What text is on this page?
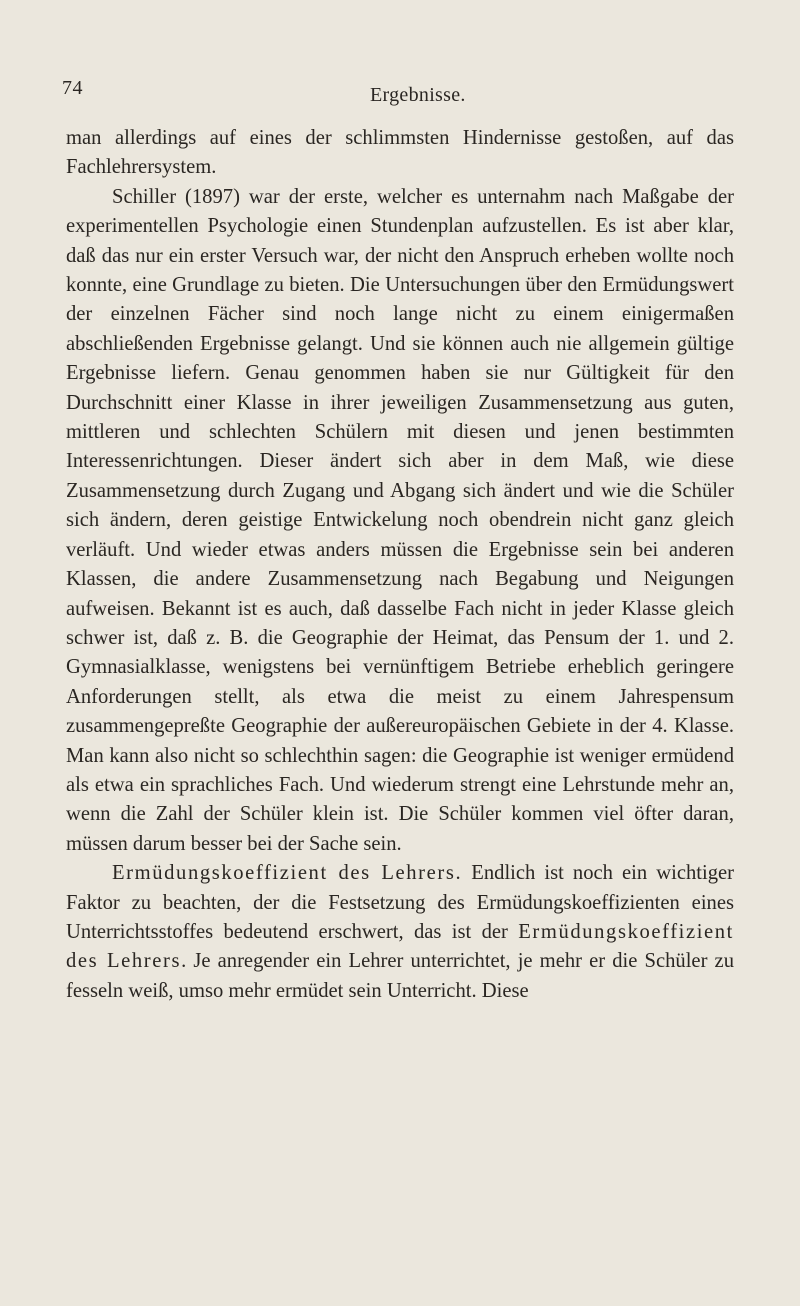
74	Ergebnisse.

man allerdings auf eines der schlimmsten Hindernisse gestoßen, auf das Fachlehrersystem.

Schiller (1897) war der erste, welcher es unternahm nach Maßgabe der experimentellen Psychologie einen Stundenplan aufzustellen. Es ist aber klar, daß das nur ein erster Versuch war, der nicht den Anspruch erheben wollte noch konnte, eine Grundlage zu bieten. Die Untersuchungen über den Ermüdungswert der einzelnen Fächer sind noch lange nicht zu einem einigermaßen abschließenden Ergebnisse gelangt. Und sie können auch nie allgemein gültige Ergebnisse liefern. Genau genommen haben sie nur Gültigkeit für den Durchschnitt einer Klasse in ihrer jeweiligen Zusammensetzung aus guten, mittleren und schlechten Schülern mit diesen und jenen bestimmten Interessenrichtungen. Dieser ändert sich aber in dem Maß, wie diese Zusammensetzung durch Zugang und Abgang sich ändert und wie die Schüler sich ändern, deren geistige Entwickelung noch obendrein nicht ganz gleich verläuft. Und wieder etwas anders müssen die Ergebnisse sein bei anderen Klassen, die andere Zusammensetzung nach Begabung und Neigungen aufweisen. Bekannt ist es auch, daß dasselbe Fach nicht in jeder Klasse gleich schwer ist, daß z. B. die Geographie der Heimat, das Pensum der 1. und 2. Gymnasialklasse, wenigstens bei vernünftigem Betriebe erheblich geringere Anforderungen stellt, als etwa die meist zu einem Jahrespensum zusammengepreßte Geographie der außereuropäischen Gebiete in der 4. Klasse. Man kann also nicht so schlechthin sagen: die Geographie ist weniger ermüdend als etwa ein sprachliches Fach. Und wiederum strengt eine Lehrstunde mehr an, wenn die Zahl der Schüler klein ist. Die Schüler kommen viel öfter daran, müssen darum besser bei der Sache sein.

Ermüdungskoeffizient des Lehrers. Endlich ist noch ein wichtiger Faktor zu beachten, der die Festsetzung des Ermüdungskoeffizienten eines Unterrichtsstoffes bedeutend erschwert, das ist der Ermüdungskoeffizient des Lehrers. Je anregender ein Lehrer unterrichtet, je mehr er die Schüler zu fesseln weiß, umso mehr ermüdet sein Unterricht. Diese
